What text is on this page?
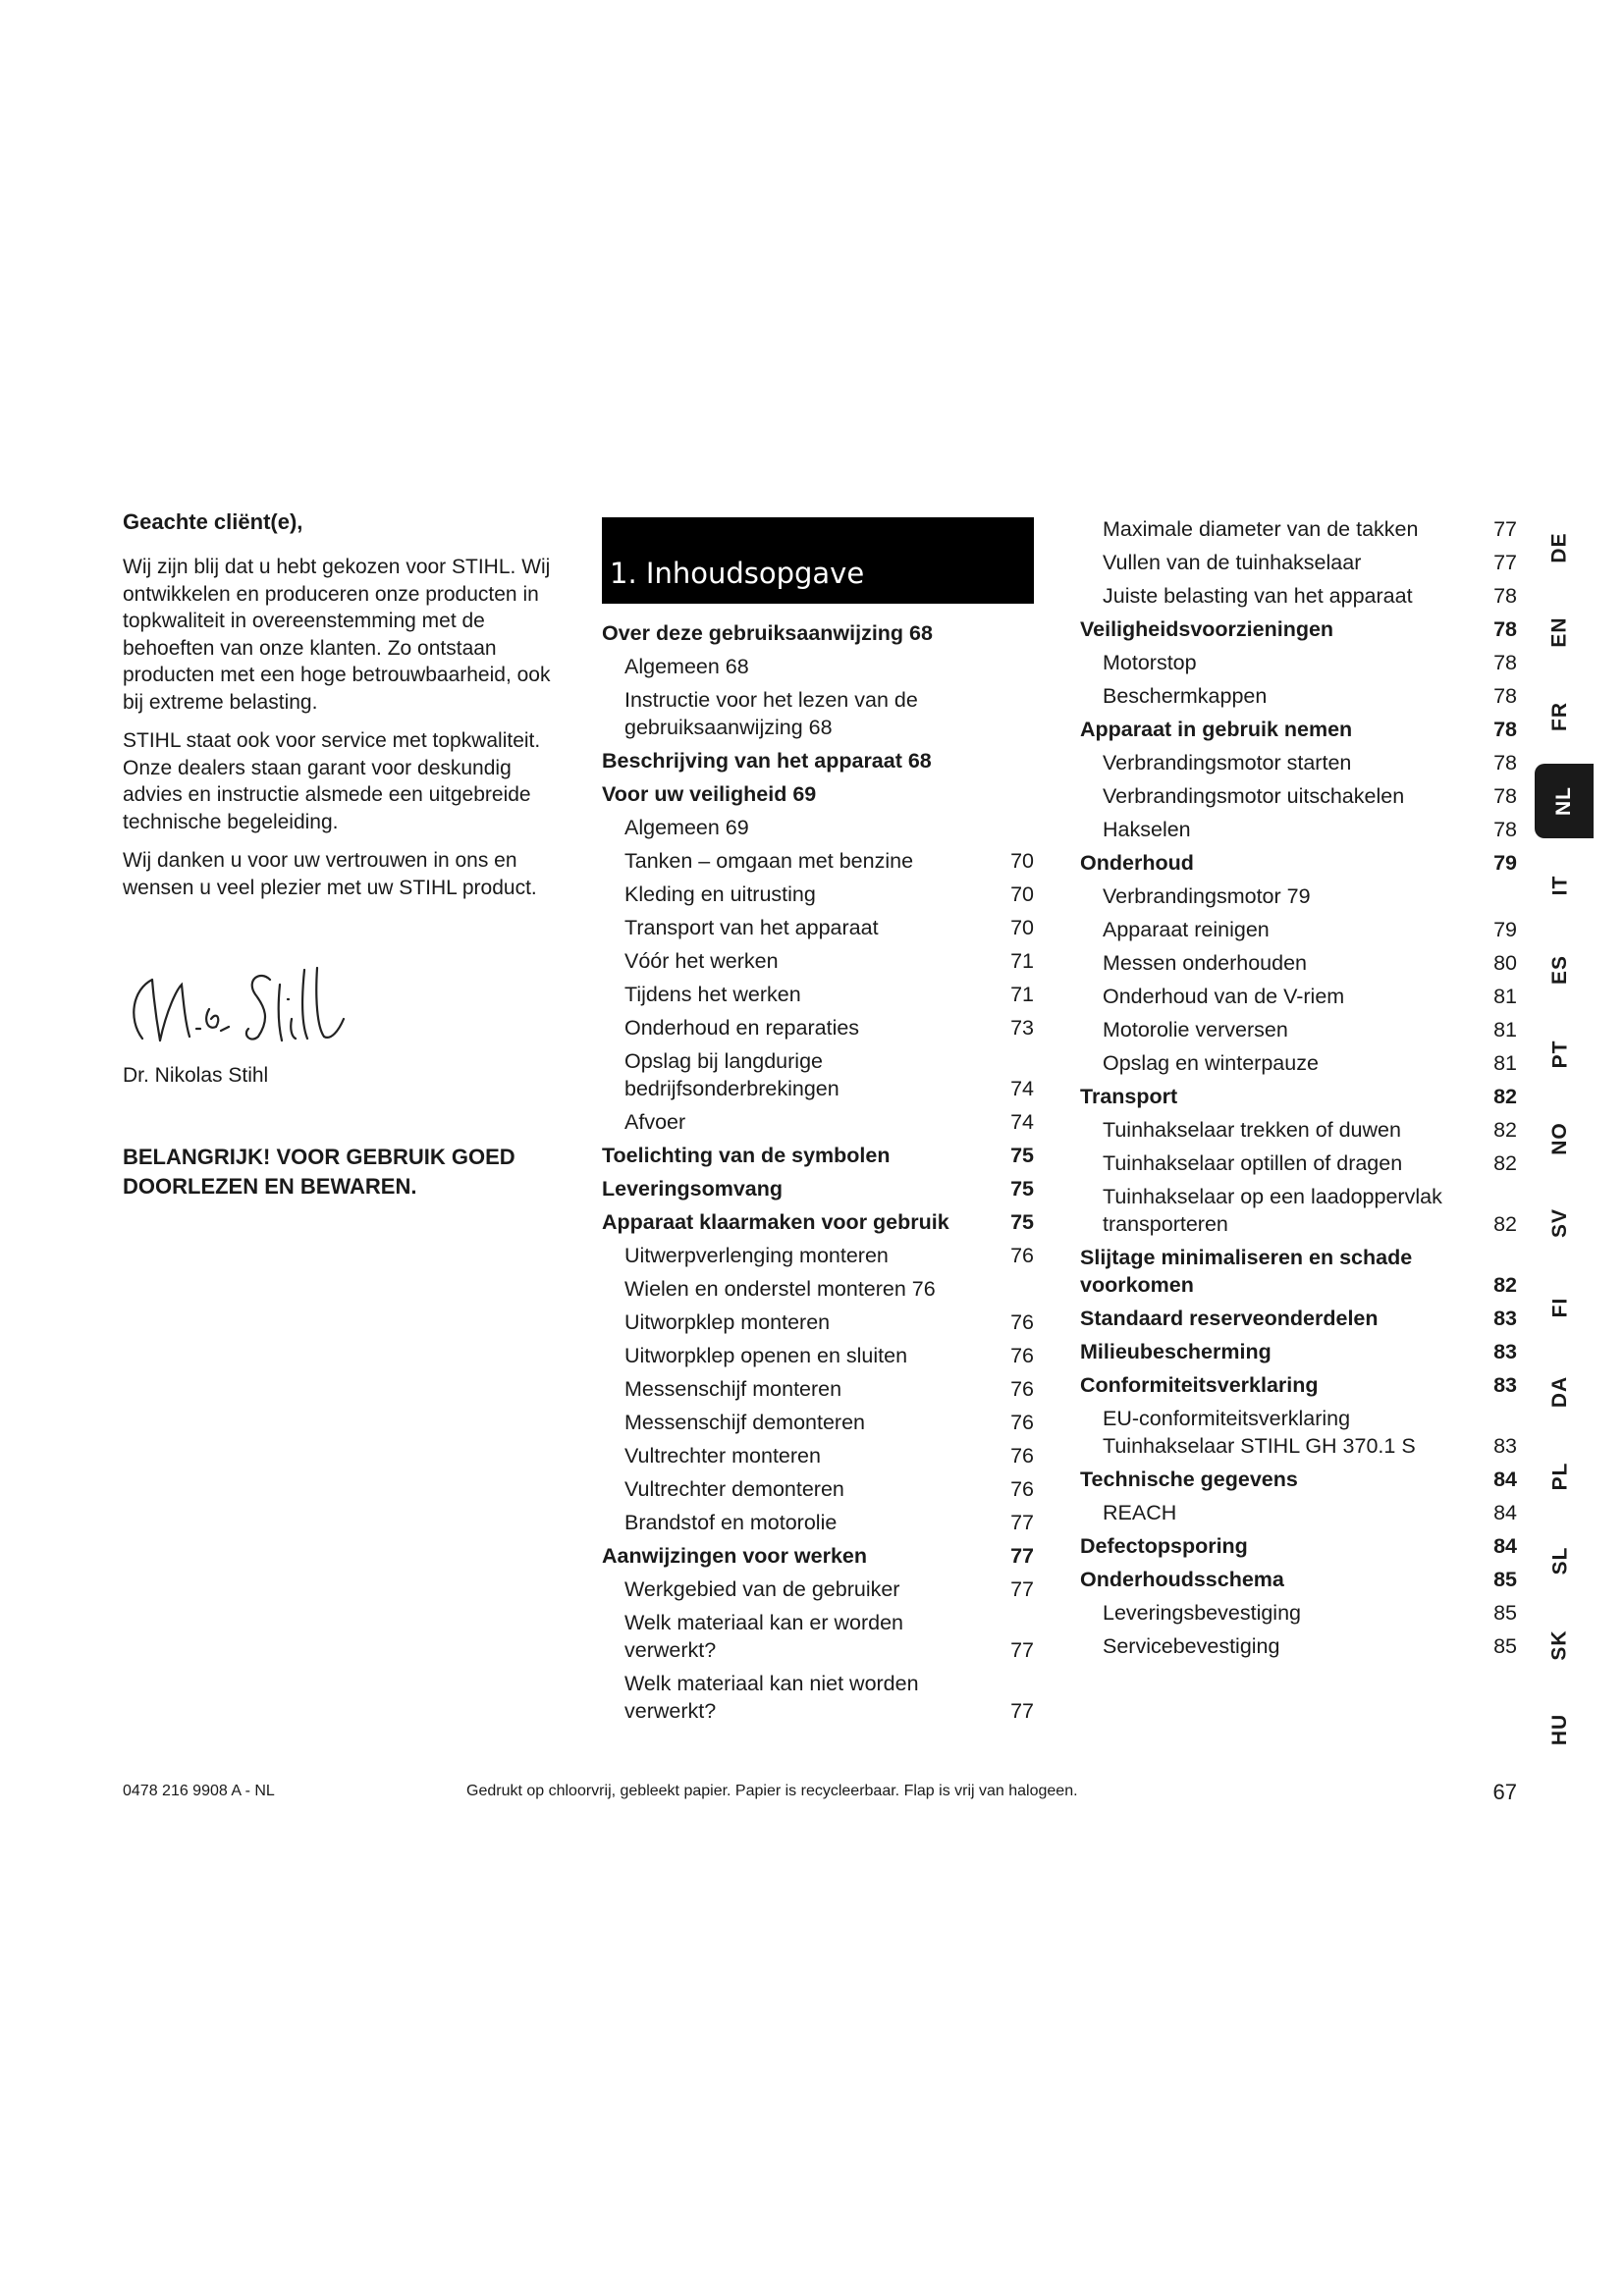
Geachte cliënt(e),

Wij zijn blij dat u hebt gekozen voor STIHL. Wij ontwikkelen en produceren onze producten in topkwaliteit in overeenstemming met de behoeften van onze klanten. Zo ontstaan producten met een hoge betrouwbaarheid, ook bij extreme belasting.

STIHL staat ook voor service met topkwaliteit. Onze dealers staan garant voor deskundig advies en instructie alsmede een uitgebreide technische begeleiding.

Wij danken u voor uw vertrouwen in ons en wensen u veel plezier met uw STIHL product.

Dr. Nikolas Stihl
BELANGRIJK! VOOR GEBRUIK GOED
DOORLEZEN EN BEWAREN.
1. Inhoudsopgave
Over deze gebruiksaanwijzing 68
Algemeen 68
Instructie voor het lezen van de gebruiksaanwijzing 68
Beschrijving van het apparaat 68
Voor uw veiligheid 69
Algemeen 69
Tanken – omgaan met benzine	70
Kleding en uitrusting	70
Transport van het apparaat	70
Vóór het werken	71
Tijdens het werken	71
Onderhoud en reparaties	73
Opslag bij langdurige bedrijfsonderbrekingen	74
Afvoer	74
Toelichting van de symbolen	75
Leveringsomvang	75
Apparaat klaarmaken voor gebruik	75
Uitwerpverlenging monteren	76
Wielen en onderstel monteren 76
Uitworpklep monteren	76
Uitworpklep openen en sluiten	76
Messenschijf monteren	76
Messenschijf demonteren	76
Vultrechter monteren	76
Vultrechter demonteren	76
Brandstof en motorolie	77
Aanwijzingen voor werken	77
Werkgebied van de gebruiker	77
Welk materiaal kan er worden verwerkt?	77
Welk materiaal kan niet worden verwerkt?	77
Maximale diameter van de takken	77
Vullen van de tuinhakselaar	77
Juiste belasting van het apparaat	78
Veiligheidsvoorzieningen	78
Motorstop	78
Beschermkappen	78
Apparaat in gebruik nemen	78
Verbrandingsmotor starten	78
Verbrandingsmotor uitschakelen	78
Hakselen	78
Onderhoud	79
Verbrandingsmotor 79
Apparaat reinigen	79
Messen onderhouden	80
Onderhoud van de V-riem	81
Motorolie verversen	81
Opslag en winterpauze	81
Transport	82
Tuinhakselaar trekken of duwen	82
Tuinhakselaar optillen of dragen	82
Tuinhakselaar op een laadoppervlak transporteren	82
Slijtage minimaliseren en schade voorkomen	82
Standaard reserveonderdelen	83
Milieubescherming	83
Conformiteitsverklaring	83
EU-conformiteitsverklaring Tuinhakselaar STIHL GH 370.1 S	83
Technische gegevens	84
REACH	84
Defectopsporing	84
Onderhoudsschema	85
Leveringsbevestiging	85
Servicebevestiging	85
DE
EN
FR
NL
IT
ES
PT
NO
SV
FI
DA
PL
SL
SK
HU
0478 216 9908 A - NL	Gedrukt op chloorvrij, gebleekt papier. Papier is recycleerbaar. Flap is vrij van halogeen.	67
